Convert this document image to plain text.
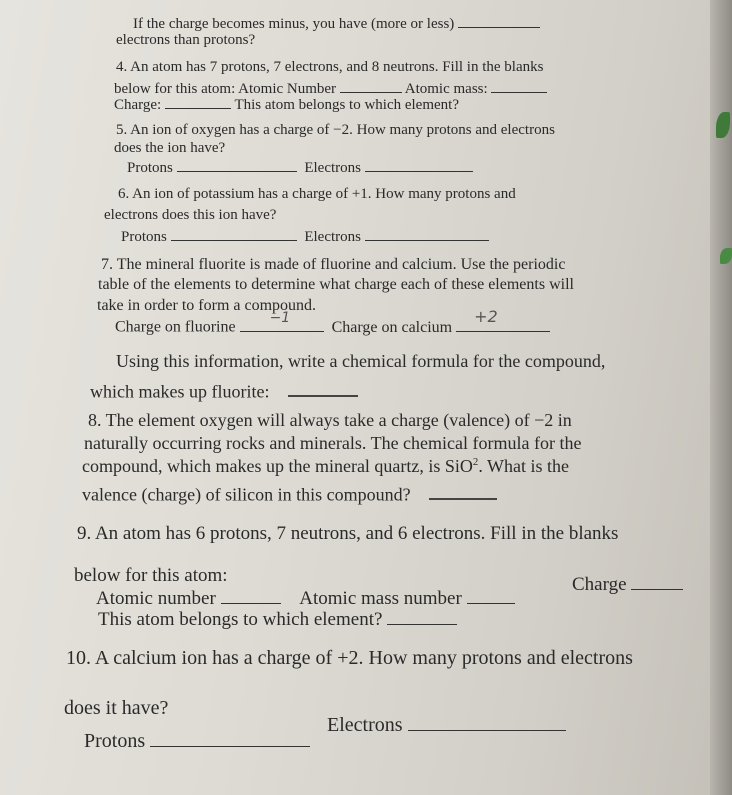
If the charge becomes minus, you have (more or less)
electrons than protons?
4. An atom has 7 protons, 7 electrons, and 8 neutrons. Fill in the blanks
below for this atom: Atomic Number	Atomic mass:
Charge:	This atom belongs to which element?
5. An ion of oxygen has a charge of −2. How many protons and electrons
does the ion have?
Protons	Electrons
6. An ion of potassium has a charge of +1. How many protons and
electrons does this ion have?
Protons	Electrons
7. The mineral fluorite is made of fluorine and calcium. Use the periodic
table of the elements to determine what charge each of these elements will
take in order to form a compound.
Charge on fluorine
−1
Charge on calcium
+2
Using this information, write a chemical formula for the compound,
which makes up fluorite:
8. The element oxygen will always take a charge (valence) of −2 in
naturally occurring rocks and minerals. The chemical formula for the
compound, which makes up the mineral quartz, is SiO$^2$. What is the
valence (charge) of silicon in this compound?
9. An atom has 6 protons, 7 neutrons, and 6 electrons. Fill in the blanks
below for this atom:
Atomic number	Atomic mass number
Charge
This atom belongs to which element?
10. A calcium ion has a charge of +2. How many protons and electrons
does it have?
Protons
Electrons
